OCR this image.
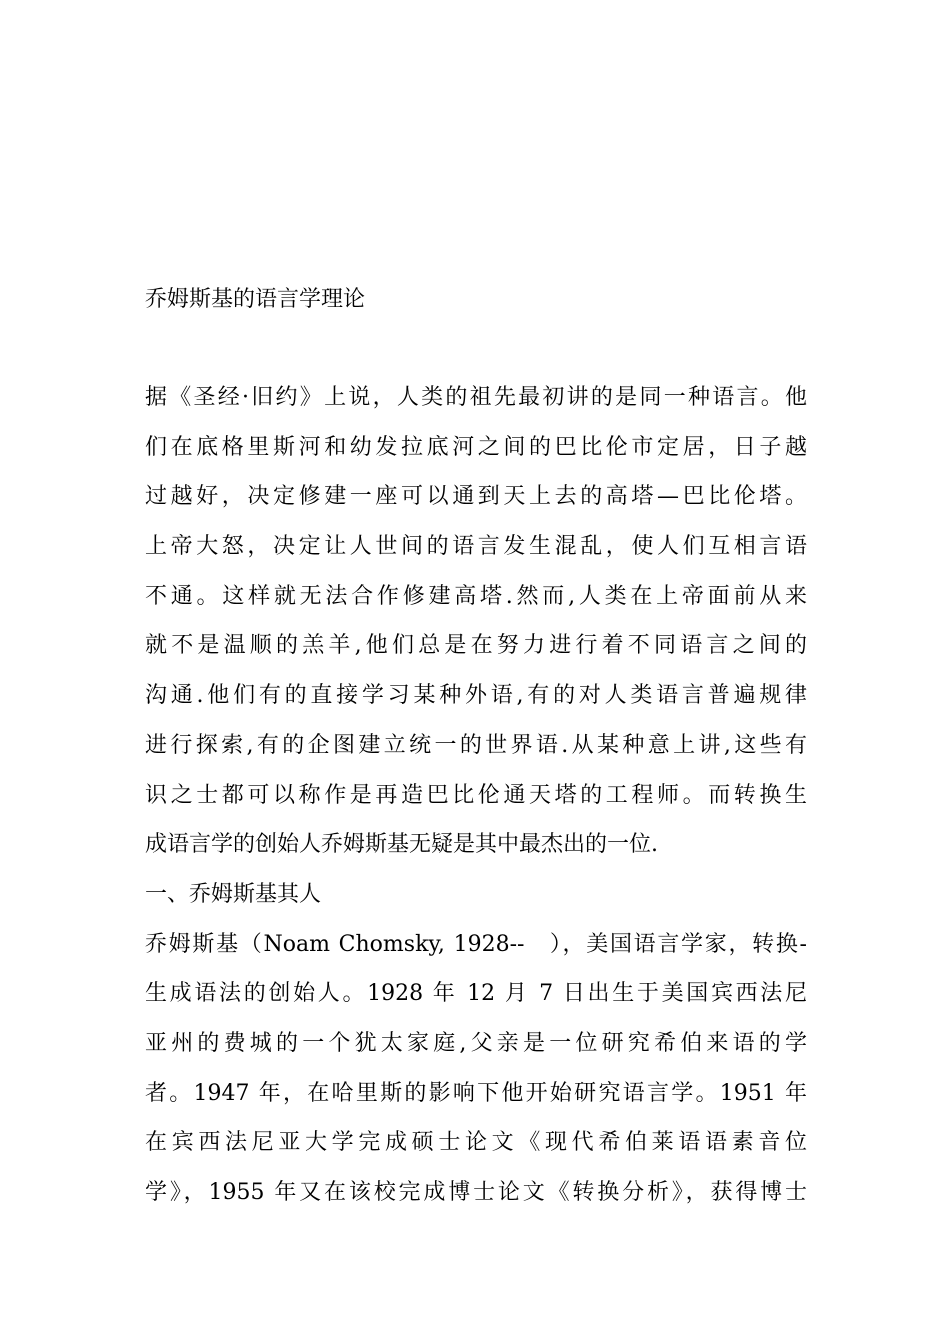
乔姆斯基的语言学理论
据《圣经·旧约》上说，人类的祖先最初讲的是同一种语言。他
们在底格里斯河和幼发拉底河之间的巴比伦市定居，日子越
过越好，决定修建一座可以通到天上去的高塔—巴比伦塔。
上帝大怒，决定让人世间的语言发生混乱，使人们互相言语
不通。这样就无法合作修建高塔.然而,人类在上帝面前从来
就不是温顺的羔羊,他们总是在努力进行着不同语言之间的
沟通.他们有的直接学习某种外语,有的对人类语言普遍规律
进行探索,有的企图建立统一的世界语.从某种意上讲,这些有
识之士都可以称作是再造巴比伦通天塔的工程师。而转换生
成语言学的创始人乔姆斯基无疑是其中最杰出的一位.
一、乔姆斯基其人
乔姆斯基（Noam Chomsky, 1928--　），美国语言学家，转换-
生成语法的创始人。1928 年 12 月 7 日出生于美国宾西法尼
亚州的费城的一个犹太家庭,父亲是一位研究希伯来语的学
者。1947 年，在哈里斯的影响下他开始研究语言学。1951 年
在宾西法尼亚大学完成硕士论文《现代希伯莱语语素音位
学》，1955 年又在该校完成博士论文《转换分析》，获得博士
